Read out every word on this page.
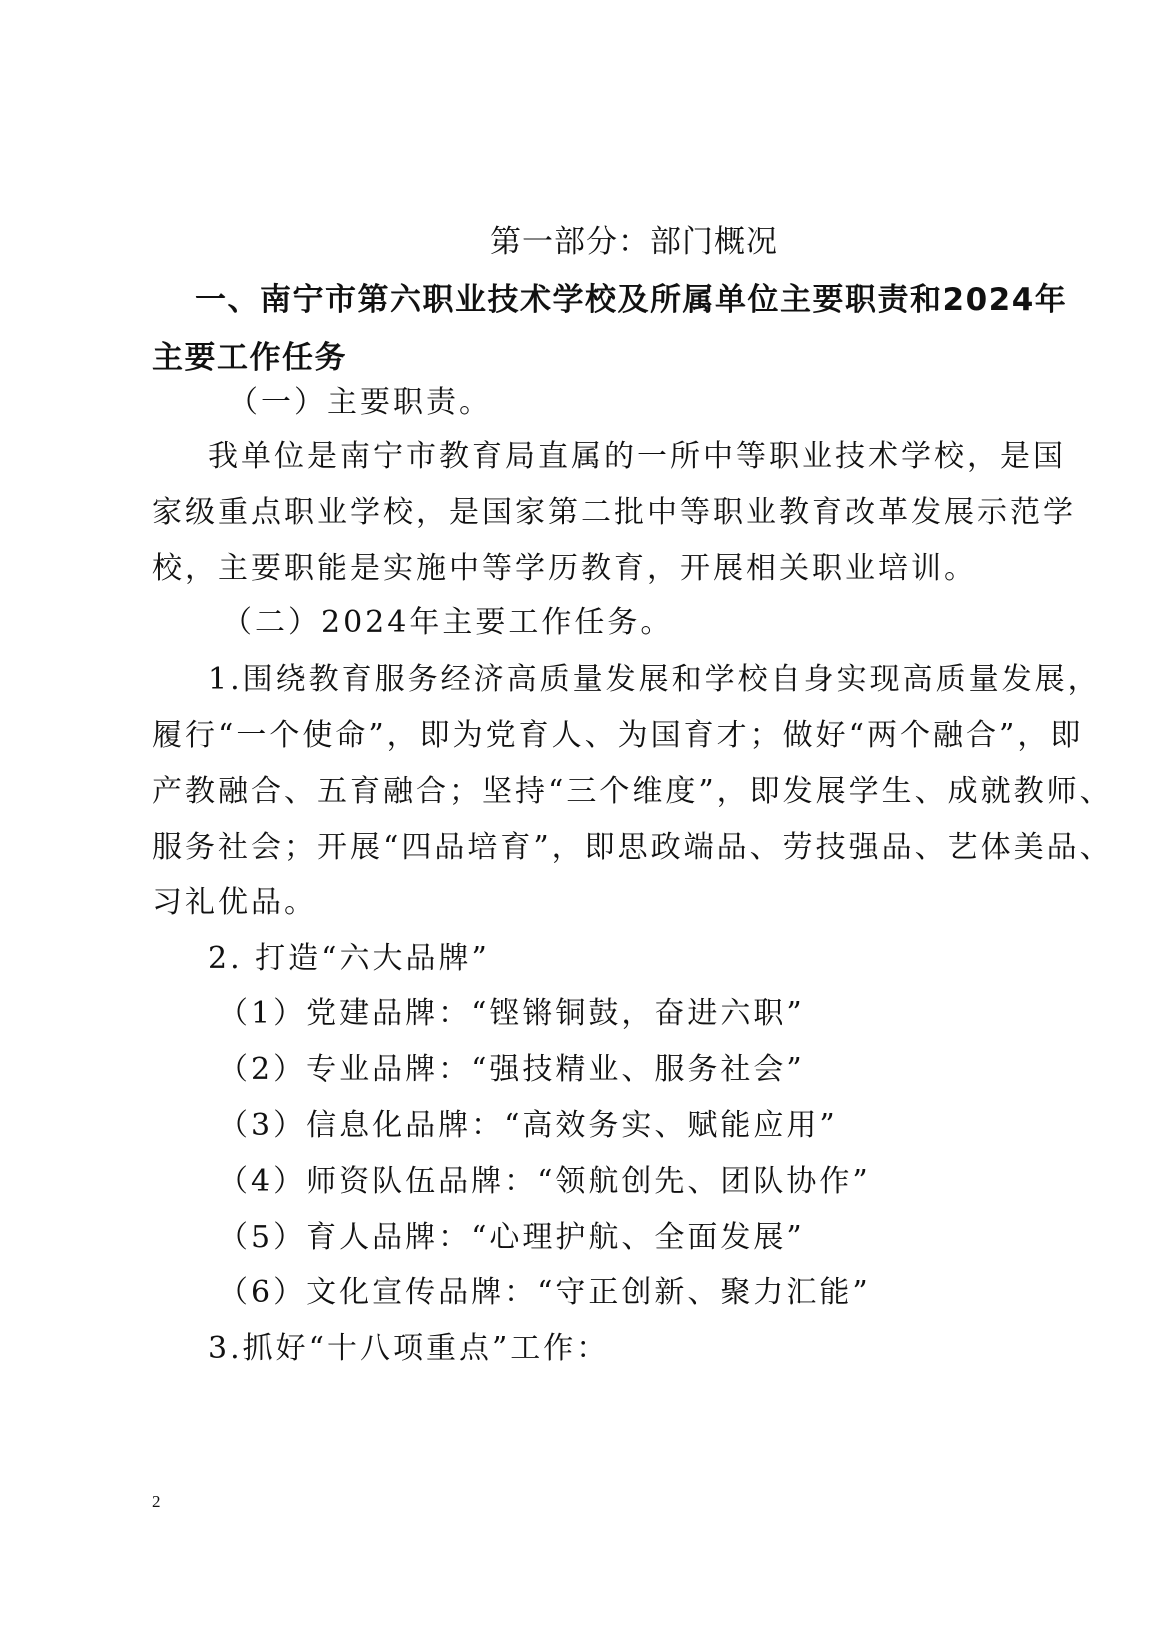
第一部分：部门概况
一、南宁市第六职业技术学校及所属单位主要职责和2024年
主要工作任务
（一）主要职责。
我单位是南宁市教育局直属的一所中等职业技术学校，是国
家级重点职业学校，是国家第二批中等职业教育改革发展示范学
校，主要职能是实施中等学历教育，开展相关职业培训。
（二）2024年主要工作任务。
1.围绕教育服务经济高质量发展和学校自身实现高质量发展，
履行“一个使命”，即为党育人、为国育才；做好“两个融合”，即
产教融合、五育融合；坚持“三个维度”，即发展学生、成就教师、
服务社会；开展“四品培育”，即思政端品、劳技强品、艺体美品、
习礼优品。
2. 打造“六大品牌”
（1）党建品牌：“铿锵铜鼓，奋进六职”
（2）专业品牌：“强技精业、服务社会”
（3）信息化品牌：“高效务实、赋能应用”
（4）师资队伍品牌：“领航创先、团队协作”
（5）育人品牌：“心理护航、全面发展”
（6）文化宣传品牌：“守正创新、聚力汇能”
3.抓好“十八项重点”工作：
2
